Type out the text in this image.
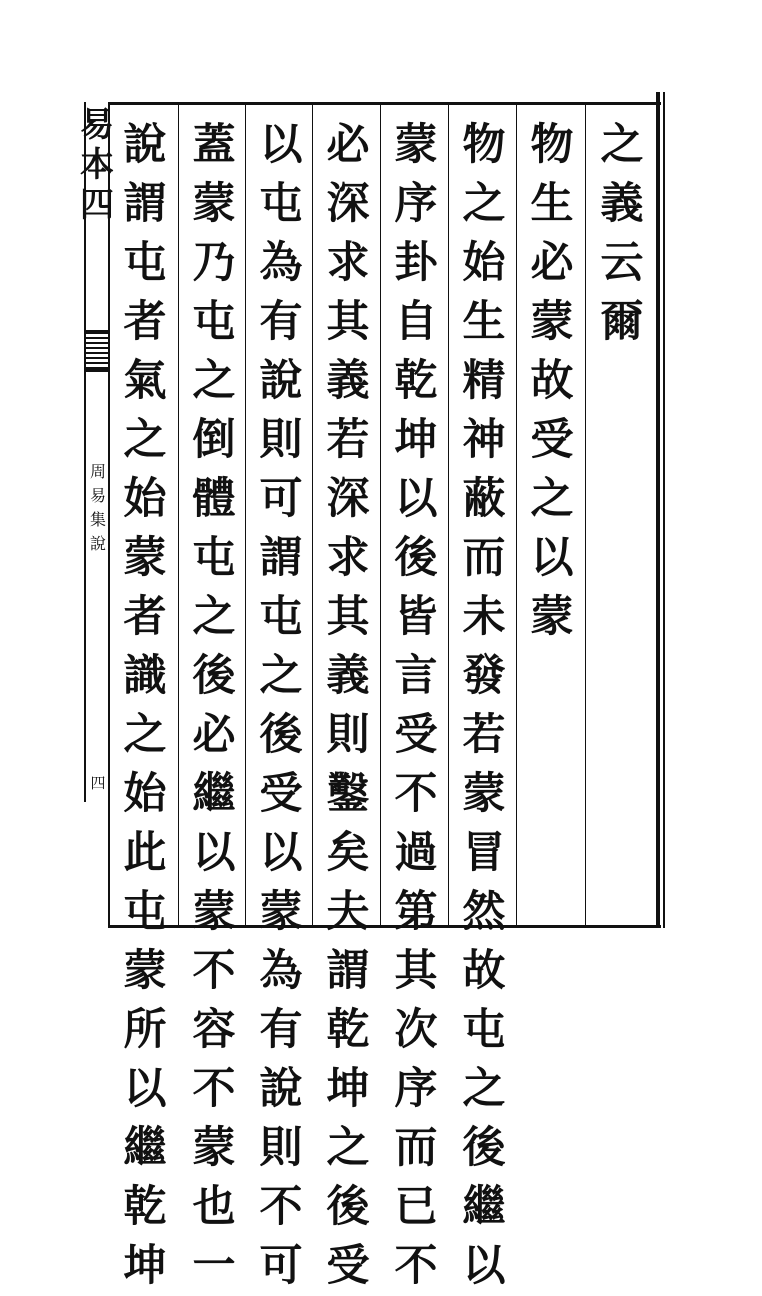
易
本
四
周
易
集
說
四
之
義
云
爾
物
生
必
蒙
故
受
之
以
蒙
物
之
始
生
精
神
蔽
而
未
發
若
蒙
冒
然
故
屯
之
後
繼
以
蒙
序
卦
自
乾
坤
以
後
皆
言
受
不
過
第
其
次
序
而
已
不
必
深
求
其
義
若
深
求
其
義
則
鑿
矣
夫
謂
乾
坤
之
後
受
以
屯
為
有
說
則
可
謂
屯
之
後
受
以
蒙
為
有
說
則
不
可
蓋
蒙
乃
屯
之
倒
體
屯
之
後
必
繼
以
蒙
不
容
不
蒙
也
一
說
謂
屯
者
氣
之
始
蒙
者
識
之
始
此
屯
蒙
所
以
繼
乾
坤
